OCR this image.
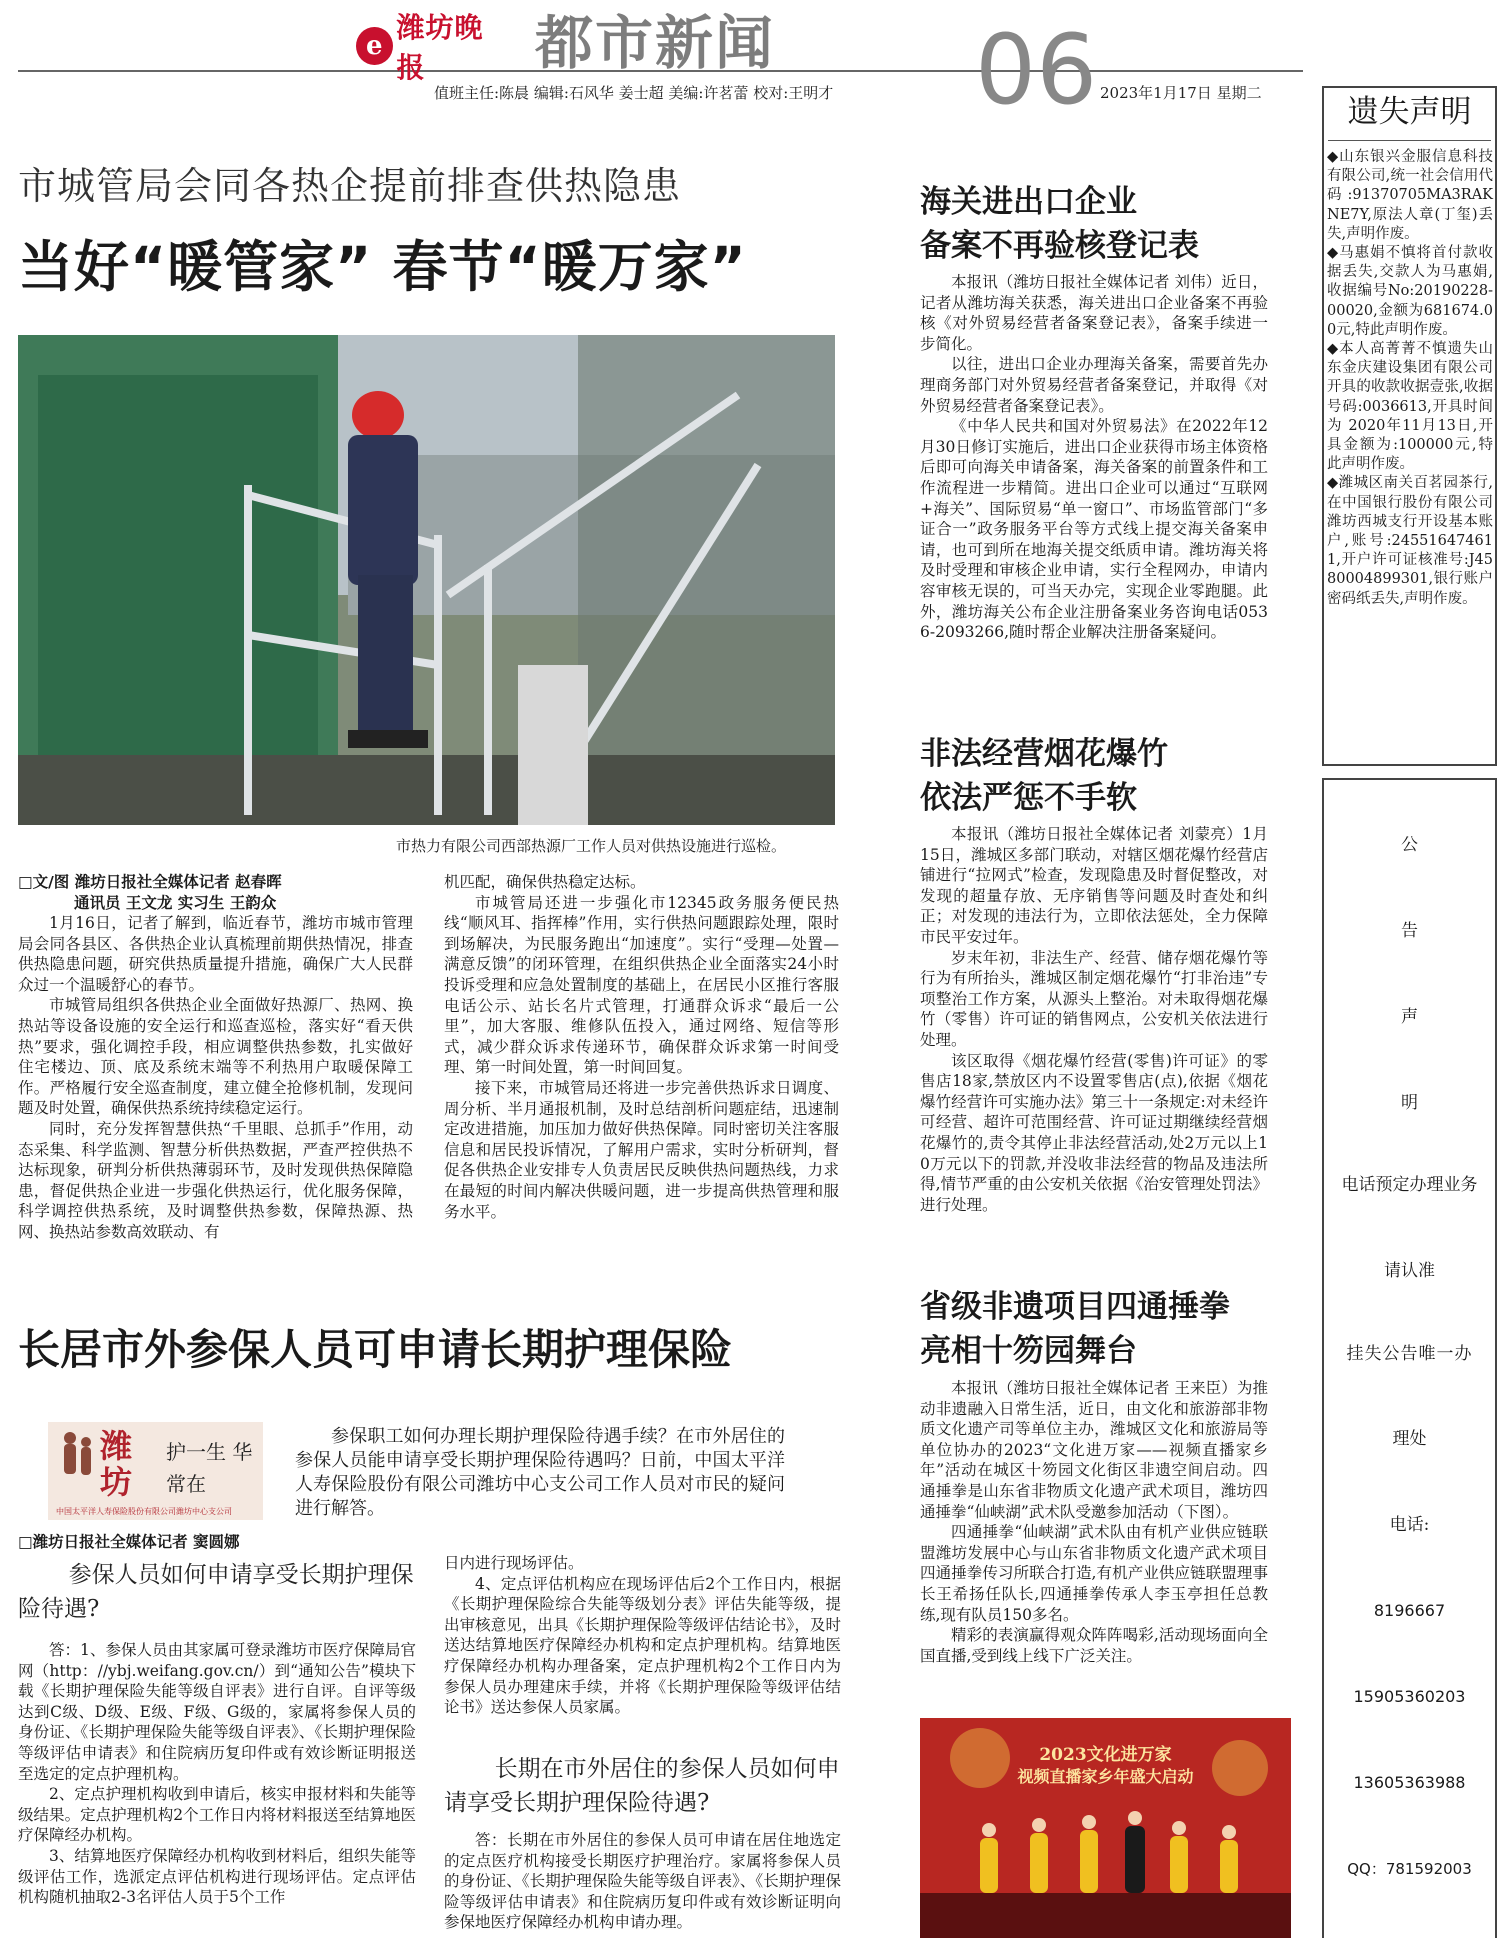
e
潍坊晚报	都市新闻 06
值班主任:陈晨 编辑:石风华 姜士超 美编:许茗蕾 校对:王明才	2023年1月17日 星期二
市城管局会同各热企提前排查供热隐患
当好“暖管家” 春节“暖万家”
市热力有限公司西部热源厂工作人员对供热设施进行巡检。
□文/图 潍坊日报社全媒体记者 赵春晖
通讯员 王文龙 实习生 王韵众

1月16日，记者了解到，临近春节，潍坊市城市管理局会同各县区、各供热企业认真梳理前期供热情况，排查供热隐患问题，研究供热质量提升措施，确保广大人民群众过一个温暖舒心的春节。

市城管局组织各供热企业全面做好热源厂、热网、换热站等设备设施的安全运行和巡查巡检，落实好“看天供热”要求，强化调控手段，相应调整供热参数，扎实做好住宅楼边、顶、底及系统末端等不利热用户取暖保障工作。严格履行安全巡查制度，建立健全抢修机制，发现问题及时处置，确保供热系统持续稳定运行。

同时，充分发挥智慧供热“千里眼、总抓手”作用，动态采集、科学监测、智慧分析供热数据，严查严控供热不达标现象，研判分析供热薄弱环节，及时发现供热保障隐患，督促供热企业进一步强化供热运行，优化服务保障，科学调控供热系统，及时调整供热参数，保障热源、热网、换热站参数高效联动、有

机匹配，确保供热稳定达标。

市城管局还进一步强化市12345政务服务便民热线“顺风耳、指挥棒”作用，实行供热问题跟踪处理，限时到场解决，为民服务跑出“加速度”。实行“受理—处置—满意反馈”的闭环管理，在组织供热企业全面落实24小时投诉受理和应急处置制度的基础上，在居民小区推行客服电话公示、站长名片式管理，打通群众诉求“最后一公里”，加大客服、维修队伍投入，通过网络、短信等形式，减少群众诉求传递环节，确保群众诉求第一时间受理、第一时间处置，第一时间回复。

接下来，市城管局还将进一步完善供热诉求日调度、周分析、半月通报机制，及时总结剖析问题症结，迅速制定改进措施，加压加力做好供热保障。同时密切关注客服信息和居民投诉情况，了解用户需求，实时分析研判，督促各供热企业安排专人负责居民反映供热问题热线，力求在最短的时间内解决供暖问题，进一步提高供热管理和服务水平。

长居市外参保人员可申请长期护理保险
潍坊
护一生 华常在
中国太平洋人寿保险股份有限公司潍坊中心支公司
参保职工如何办理长期护理保险待遇手续？在市外居住的参保人员能申请享受长期护理保险待遇吗？日前，中国太平洋人寿保险股份有限公司潍坊中心支公司工作人员对市民的疑问进行解答。
□潍坊日报社全媒体记者 窦圆娜
参保人员如何申请享受长期护理保险待遇?

答：1、参保人员由其家属可登录潍坊市医疗保障局官网（http：//ybj.weifang.gov.cn/）到“通知公告”模块下载《长期护理保险失能等级自评表》进行自评。自评等级达到C级、D级、E级、F级、G级的，家属将参保人员的身份证、《长期护理保险失能等级自评表》、《长期护理保险等级评估申请表》和住院病历复印件或有效诊断证明报送至选定的定点护理机构。

2、定点护理机构收到申请后，核实申报材料和失能等级结果。定点护理机构2个工作日内将材料报送至结算地医疗保障经办机构。

3、结算地医疗保障经办机构收到材料后，组织失能等级评估工作，选派定点评估机构进行现场评估。定点评估机构随机抽取2-3名评估人员于5个工作

日内进行现场评估。

4、定点评估机构应在现场评估后2个工作日内，根据《长期护理保险综合失能等级划分表》评估失能等级，提出审核意见，出具《长期护理保险等级评估结论书》，及时送达结算地医疗保障经办机构和定点护理机构。结算地医疗保障经办机构办理备案，定点护理机构2个工作日内为参保人员办理建床手续，并将《长期护理保险等级评估结论书》送达参保人员家属。

长期在市外居住的参保人员如何申请享受长期护理保险待遇?

答：长期在市外居住的参保人员可申请在居住地选定的定点医疗机构接受长期医疗护理治疗。家属将参保人员的身份证、《长期护理保险失能等级自评表》、《长期护理保险等级评估申请表》和住院病历复印件或有效诊断证明向参保地医疗保障经办机构申请办理。

海关进出口企业
备案不再验核登记表

本报讯（潍坊日报社全媒体记者 刘伟）近日，记者从潍坊海关获悉，海关进出口企业备案不再验核《对外贸易经营者备案登记表》，备案手续进一步简化。

以往，进出口企业办理海关备案，需要首先办理商务部门对外贸易经营者备案登记，并取得《对外贸易经营者备案登记表》。

《中华人民共和国对外贸易法》在2022年12月30日修订实施后，进出口企业获得市场主体资格后即可向海关申请备案，海关备案的前置条件和工作流程进一步精简。进出口企业可以通过“互联网+海关”、国际贸易“单一窗口”、市场监管部门“多证合一”政务服务平台等方式线上提交海关备案申请，也可到所在地海关提交纸质申请。潍坊海关将及时受理和审核企业申请，实行全程网办，申请内容审核无误的，可当天办完，实现企业零跑腿。此外，潍坊海关公布企业注册备案业务咨询电话0536-2093266,随时帮企业解决注册备案疑问。

非法经营烟花爆竹
依法严惩不手软

本报讯（潍坊日报社全媒体记者 刘蒙亮）1月15日，潍城区多部门联动，对辖区烟花爆竹经营店铺进行“拉网式”检查，发现隐患及时督促整改，对发现的超量存放、无序销售等问题及时查处和纠正；对发现的违法行为，立即依法惩处，全力保障市民平安过年。

岁末年初，非法生产、经营、储存烟花爆竹等行为有所抬头，潍城区制定烟花爆竹“打非治违”专项整治工作方案，从源头上整治。对未取得烟花爆竹（零售）许可证的销售网点，公安机关依法进行处理。

该区取得《烟花爆竹经营(零售)许可证》的零售店18家,禁放区内不设置零售店(点),依据《烟花爆竹经营许可实施办法》第三十一条规定:对未经许可经营、超许可范围经营、许可证过期继续经营烟花爆竹的,责令其停止非法经营活动,处2万元以上10万元以下的罚款,并没收非法经营的物品及违法所得,情节严重的由公安机关依据《治安管理处罚法》进行处理。

省级非遗项目四通捶拳
亮相十笏园舞台

本报讯（潍坊日报社全媒体记者 王来臣）为推动非遗融入日常生活，近日，由文化和旅游部非物质文化遗产司等单位主办，潍城区文化和旅游局等单位协办的2023“文化进万家——视频直播家乡年”活动在城区十笏园文化街区非遗空间启动。四通捶拳是山东省非物质文化遗产武术项目，潍坊四通捶拳“仙峡湖”武术队受邀参加活动（下图）。

四通捶拳“仙峡湖”武术队由有机产业供应链联盟潍坊发展中心与山东省非物质文化遗产武术项目四通捶拳传习所联合打造,有机产业供应链联盟理事长王希扬任队长,四通捶拳传承人李玉亭担任总教练,现有队员150多名。

精彩的表演赢得观众阵阵喝彩,活动现场面向全国直播,受到线上线下广泛关注。

2023文化进万家
视频直播家乡年盛大启动
遗失声明

◆山东银兴金服信息科技有限公司,统一社会信用代码:91370705MA3RAKNE7Y,原法人章(丁玺)丢失,声明作废。

◆马惠娟不慎将首付款收据丢失,交款人为马惠娟,收据编号No:20190228-00020,金额为681674.00元,特此声明作废。

◆本人高菁菁不慎遗失山东金庆建设集团有限公司开具的收款收据壹张,收据号码:0036613,开具时间为 2020年11月13日,开具金额为:100000元,特此声明作废。

◆潍城区南关百茗园茶行,在中国银行股份有限公司潍坊西城支行开设基本账户,账号:245516474611,开户许可证核准号:J4580004899301,银行账户密码纸丢失,声明作废。

公
告
声
明
电话预定办理业务
请认准
挂失公告唯一办
理处
电话:
8196667
15905360203
13605363988
QQ：781592003
